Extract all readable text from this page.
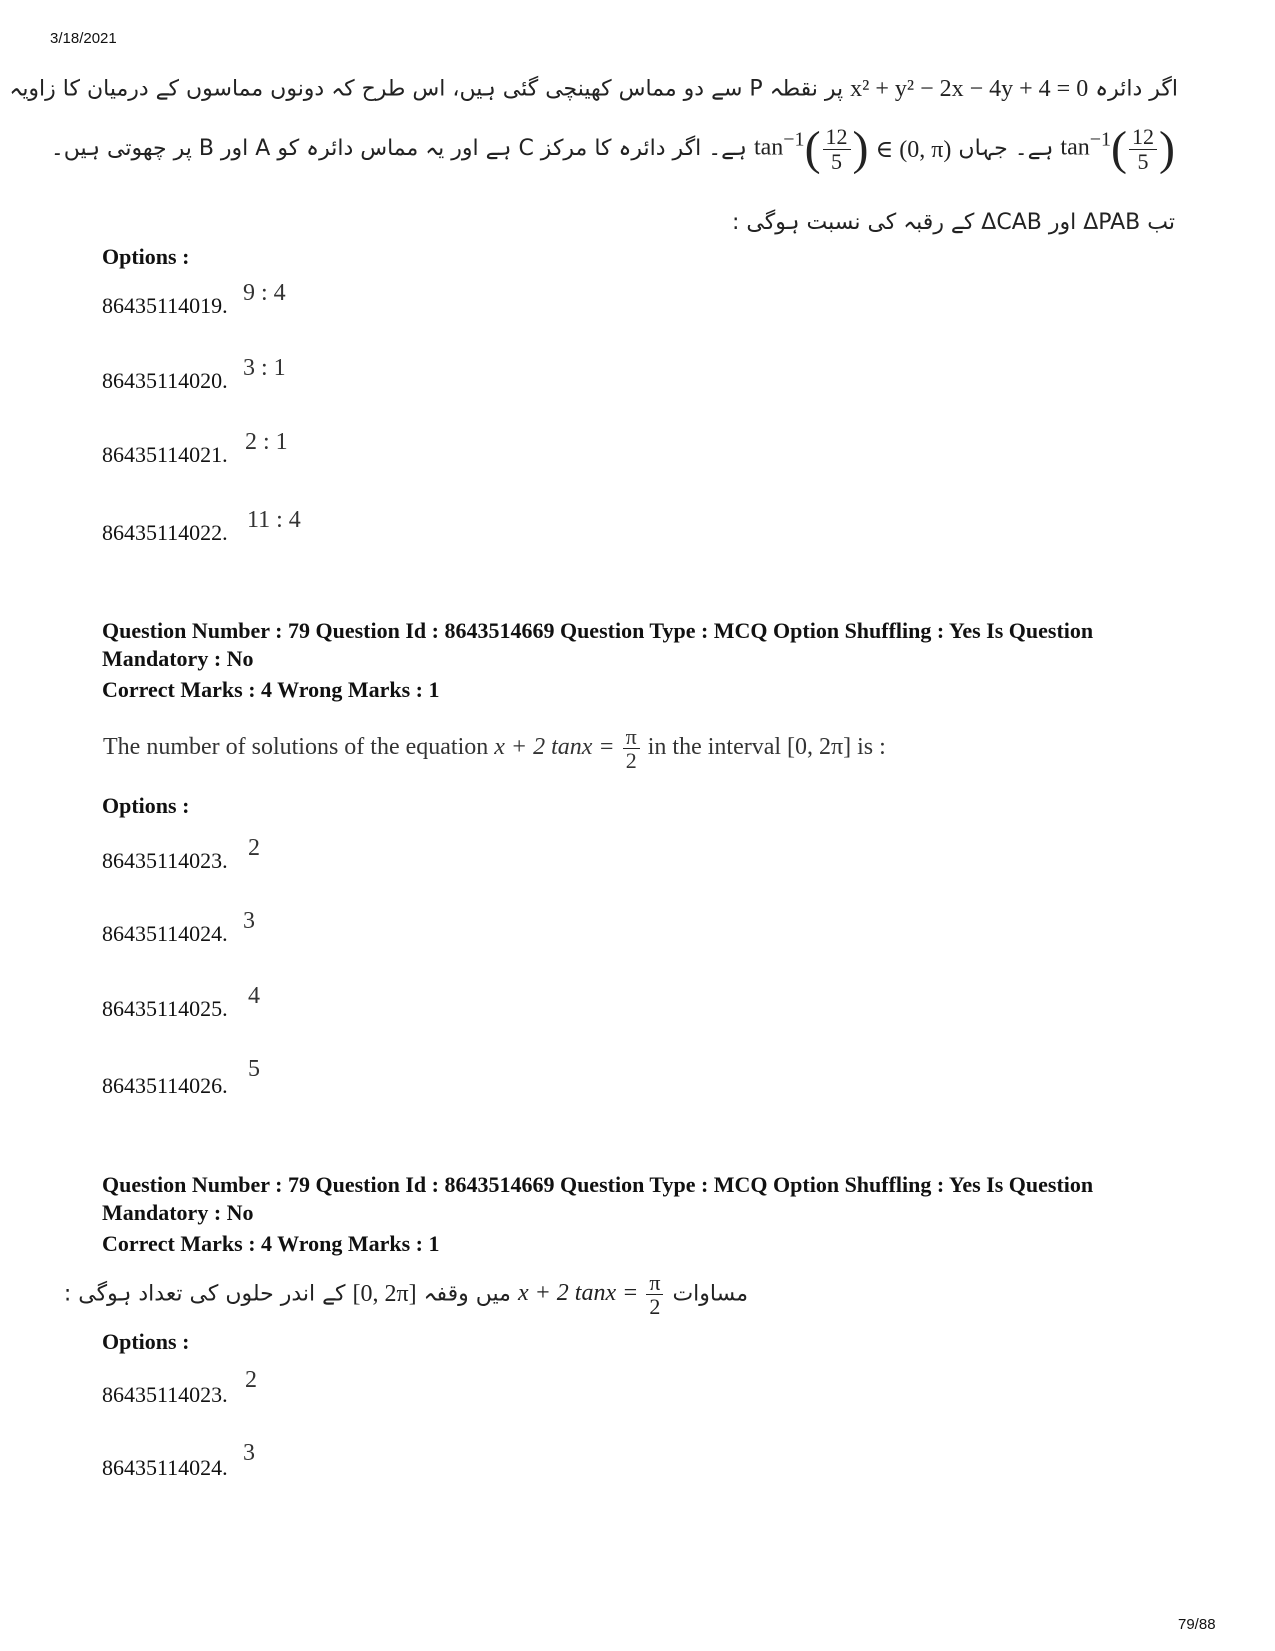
3/18/2021
اگر دائرہ x² + y² − 2x − 4y + 4 = 0 پر نقطہ P سے دو مماس کھینچی گئی ہیں، اس طرح کہ دونوں مماسوں کے درمیان کا زاویہ
$\tan^{-1}( \frac{12}{5}$ ) ہے۔ جہاں ∈ (0, π) $\tan^{-1}( \frac{12}{5}$ ) ہے۔ اگر دائرہ کا مرکز C ہے اور یہ مماس دائرہ کو A اور B پر چھوتی ہیں۔
تب ΔPAB اور ΔCAB کے رقبہ کی نسبت ہوگی :
Options :
86435114019. 9 : 4
86435114020. 3 : 1
86435114021. 2 : 1
86435114022. 11 : 4
Question Number : 79 Question Id : 8643514669 Question Type : MCQ Option Shuffling : Yes Is Question Mandatory : No
Correct Marks : 4 Wrong Marks : 1
The number of solutions of the equation x + 2 $\tan x = \frac{\pi}{2}$ in the interval [0, 2π] is :
Options :
86435114023. 2
86435114024. 3
86435114025. 4
86435114026.
5
Question Number : 79 Question Id : 8643514669 Question Type : MCQ Option Shuffling : Yes Is Question Mandatory : No
Correct Marks : 4 Wrong Marks : 1
مساوات x + 2 $\tan x = \frac{\pi}{2}$
میں وقفہ [0, 2π] کے اندر حلوں کی تعداد ہوگی :
Options :
86435114023.
2
86435114024.
3
79/88
